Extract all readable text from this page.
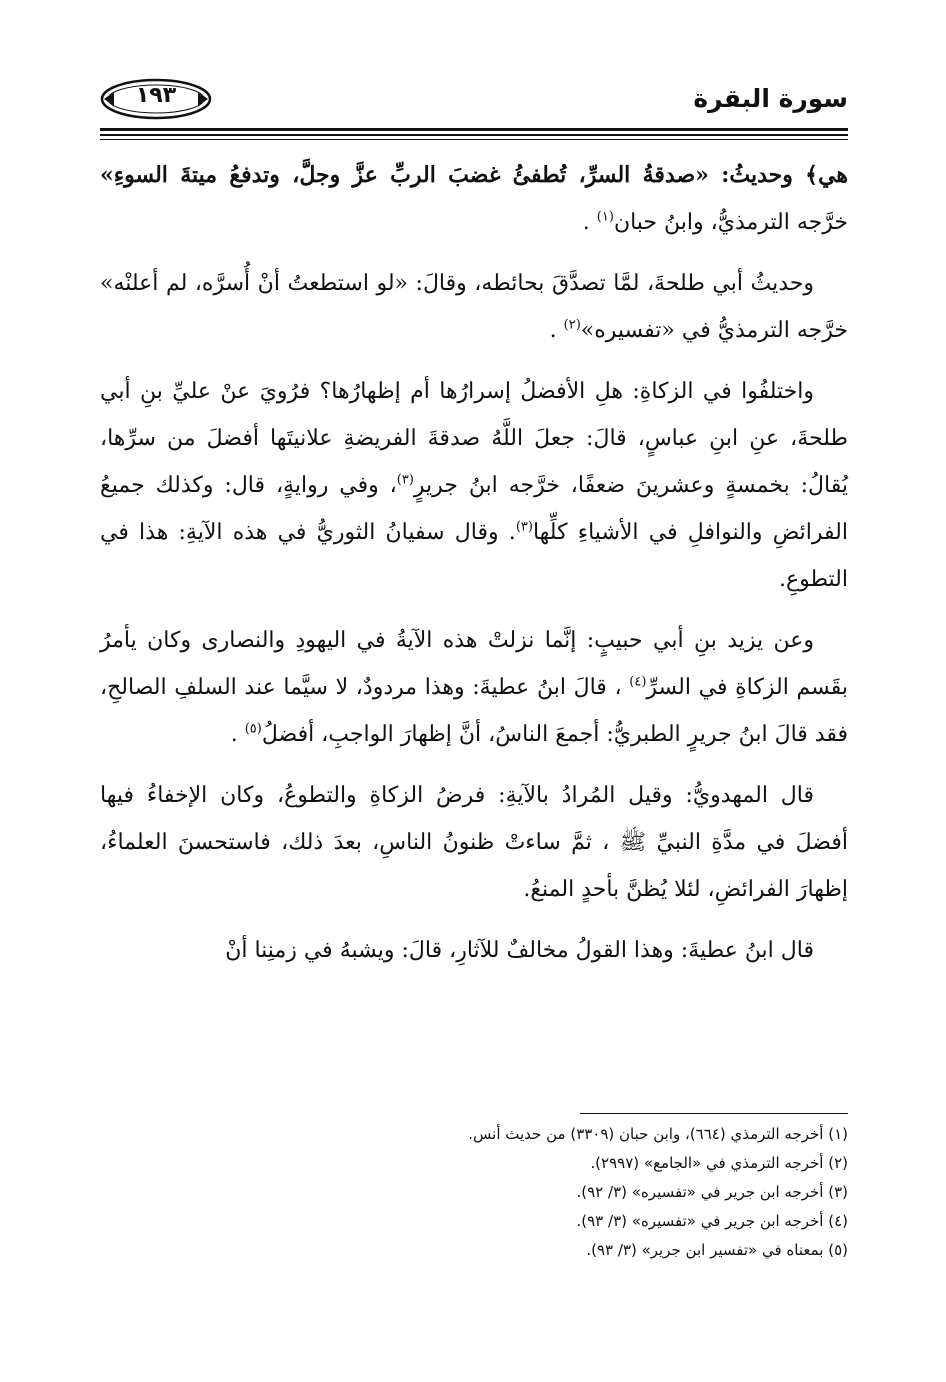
سورة البقرة
١٩٣

هي﴾ وحديثُ: «صدقةُ السرِّ، تُطفئُ غضبَ الربِّ عزَّ وجلَّ، وتدفعُ ميتةَ السوءِ» خرَّجه الترمذيُّ، وابنُ حبان$^{(١)}$ .

وحديثُ أبي طلحةَ، لمَّا تصدَّقَ بحائطه، وقالَ: «لو استطعتُ أنْ أُسرَّه، لم أعلنْه» خرَّجه الترمذيُّ في «تفسيره»$^{(٢)}$ .

واختلفُوا في الزكاةِ: هلِ الأفضلُ إسرارُها أم إظهارُها؟ فرُويَ عنْ عليِّ بنِ أبي طلحةَ، عنِ ابنِ عباسٍ، قالَ: جعلَ اللَّهُ صدقةَ الفريضةِ علانيتَها أفضلَ من سرِّها، يُقالُ: بخمسةٍ وعشرينَ ضعفًا، خرَّجه ابنُ جريرٍ$^{(٣)}$، وفي روايةٍ، قال: وكذلك جميعُ الفرائضِ والنوافلِ في الأشياءِ كلِّها$^{(٣)}$. وقال سفيانُ الثوريُّ في هذه الآيةِ: هذا في التطوعِ.

وعن يزيد بنِ أبي حبيبٍ: إنَّما نزلتْ هذه الآيةُ في اليهودِ والنصارى وكان يأمرُ بقَسم الزكاةِ في السرِّ$^{(٤)}$ ، قالَ ابنُ عطيةَ: وهذا مردودٌ، لا سيَّما عند السلفِ الصالحِ، فقد قالَ ابنُ جريرٍ الطبريُّ: أجمعَ الناسُ، أنَّ إظهارَ الواجبِ، أفضلُ$^{(٥)}$ .

قال المهدويُّ: وقيل المُرادُ بالآيةِ: فرضُ الزكاةِ والتطوعُ، وكان الإخفاءُ فيها أفضلَ في مدَّةِ النبيِّ ﷺ ، ثمَّ ساءتْ ظنونُ الناسِ، بعدَ ذلك، فاستحسنَ العلماءُ، إظهارَ الفرائضِ، لئلا يُظنَّ بأحدٍ المنعُ.

قال ابنُ عطيةَ: وهذا القولُ مخالفٌ للآثارِ، قالَ: ويشبهُ في زمنِنا أنْ

(١) أخرجه الترمذي (٦٦٤)، وابن حبان (٣٣٠٩) من حديث أنس.

(٢) أخرجه الترمذي في «الجامع» (٢٩٩٧).

(٣) أخرجه ابن جرير في «تفسيره» (٣/ ٩٢).

(٤) أخرجه ابن جرير في «تفسيره» (٣/ ٩٣).

(٥) بمعناه في «تفسير ابن جرير» (٣/ ٩٣).
